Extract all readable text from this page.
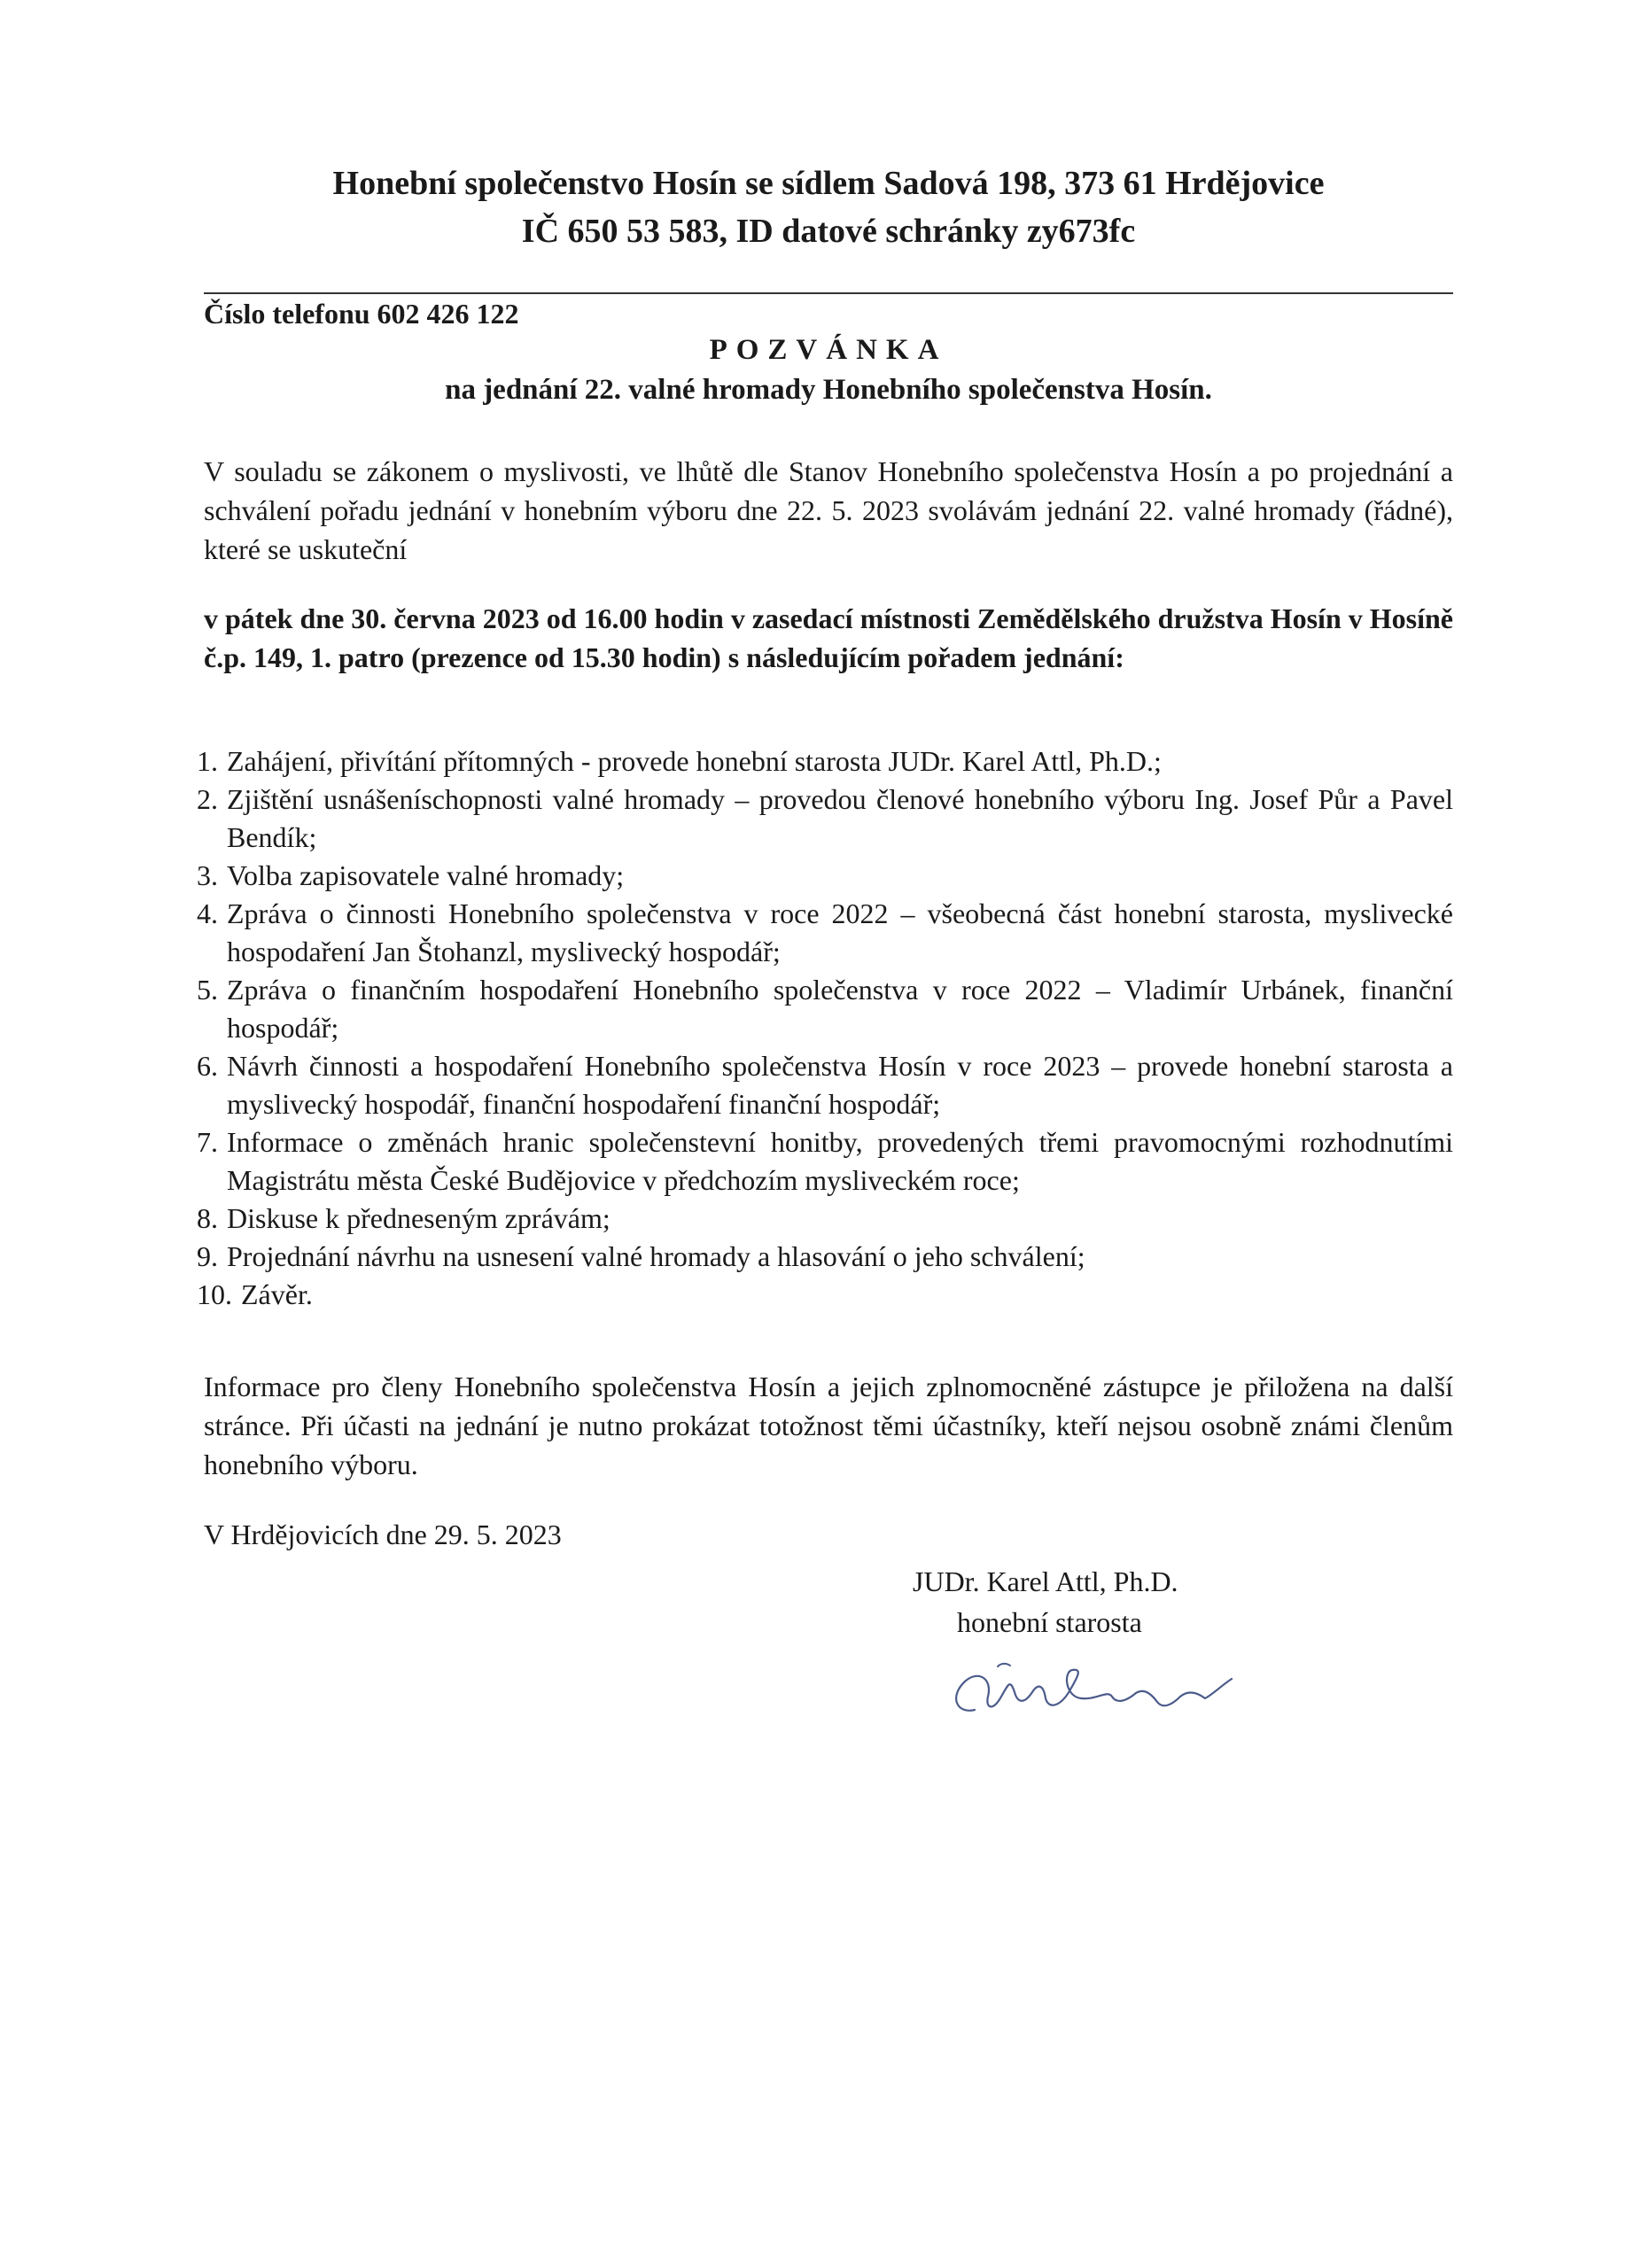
Honební společenstvo Hosín se sídlem Sadová 198, 373 61 Hrdějovice
IČ 650 53 583, ID datové schránky zy673fc
Číslo telefonu 602 426 122
POZVÁNKA
na jednání 22. valné hromady Honebního společenstva Hosín.
V souladu se zákonem o myslivosti, ve lhůtě dle Stanov Honebního společenstva Hosín a po projednání a schválení pořadu jednání v honebním výboru dne 22. 5. 2023 svolávám jednání 22. valné hromady (řádné), které se uskuteční
v pátek dne 30. června 2023 od 16.00 hodin v zasedací místnosti Zemědělského družstva Hosín v Hosíně č.p. 149, 1. patro (prezence od 15.30 hodin) s následujícím pořadem jednání:
1. Zahájení, přivítání přítomných - provede honební starosta JUDr. Karel Attl, Ph.D.;
2. Zjištění usnášeníschopnosti valné hromady – provedou členové honebního výboru Ing. Josef Půr a Pavel Bendík;
3. Volba zapisovatele valné hromady;
4. Zpráva o činnosti Honebního společenstva v roce 2022 – všeobecná část honební starosta, myslivecké hospodaření Jan Štohanzl, myslivecký hospodář;
5. Zpráva o finančním hospodaření Honebního společenstva v roce 2022 – Vladimír Urbánek, finanční hospodář;
6. Návrh činnosti a hospodaření Honebního společenstva Hosín v roce 2023 – provede honební starosta a myslivecký hospodář, finanční hospodaření finanční hospodář;
7. Informace o změnách hranic společenstevní honitby, provedených třemi pravomocnými rozhodnutími Magistrátu města České Budějovice v předchozím mysliveckém roce;
8. Diskuse k předneseným zprávám;
9. Projednání návrhu na usnesení valné hromady a hlasování o jeho schválení;
10. Závěr.
Informace pro členy Honebního společenstva Hosín a jejich zplnomocněné zástupce je přiložena na další stránce. Při účasti na jednání je nutno prokázat totožnost těmi účastníky, kteří nejsou osobně známi členům honebního výboru.
V Hrdějovicích dne 29. 5. 2023
JUDr. Karel Attl, Ph.D.
honební starosta
